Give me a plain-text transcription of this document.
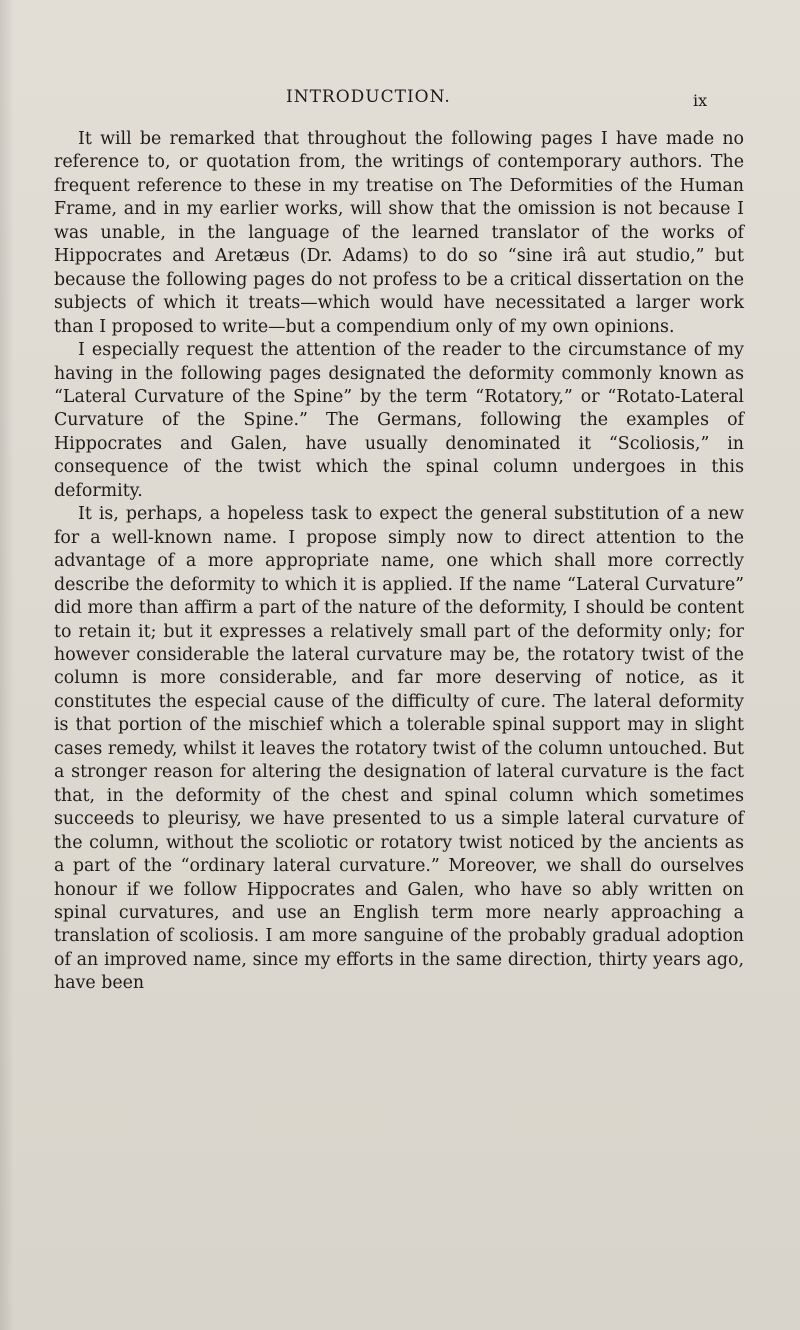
INTRODUCTION.	ix

It will be remarked that throughout the following pages I have made no reference to, or quotation from, the writings of contemporary authors. The frequent reference to these in my treatise on The Deformities of the Human Frame, and in my earlier works, will show that the omission is not because I was unable, in the language of the learned translator of the works of Hippocrates and Aretæus (Dr. Adams) to do so “sine irâ aut studio,” but because the following pages do not profess to be a critical dissertation on the subjects of which it treats—which would have necessitated a larger work than I proposed to write—but a compendium only of my own opinions.

I especially request the attention of the reader to the circumstance of my having in the following pages designated the deformity commonly known as “Lateral Curvature of the Spine” by the term “Rotatory,” or “Rotato-Lateral Curvature of the Spine.” The Germans, following the examples of Hippocrates and Galen, have usually denominated it “Scoliosis,” in consequence of the twist which the spinal column undergoes in this deformity.

It is, perhaps, a hopeless task to expect the general substitution of a new for a well-known name. I propose simply now to direct attention to the advantage of a more appropriate name, one which shall more correctly describe the deformity to which it is applied. If the name “Lateral Curvature” did more than affirm a part of the nature of the deformity, I should be content to retain it; but it expresses a relatively small part of the deformity only; for however considerable the lateral curvature may be, the rotatory twist of the column is more considerable, and far more deserving of notice, as it constitutes the especial cause of the difficulty of cure. The lateral deformity is that portion of the mischief which a tolerable spinal support may in slight cases remedy, whilst it leaves the rotatory twist of the column untouched. But a stronger reason for altering the designation of lateral curvature is the fact that, in the deformity of the chest and spinal column which sometimes succeeds to pleurisy, we have presented to us a simple lateral curvature of the column, without the scoliotic or rotatory twist noticed by the ancients as a part of the “ordinary lateral curvature.” Moreover, we shall do ourselves honour if we follow Hippocrates and Galen, who have so ably written on spinal curvatures, and use an English term more nearly approaching a translation of scoliosis. I am more sanguine of the probably gradual adoption of an improved name, since my efforts in the same direction, thirty years ago, have been
